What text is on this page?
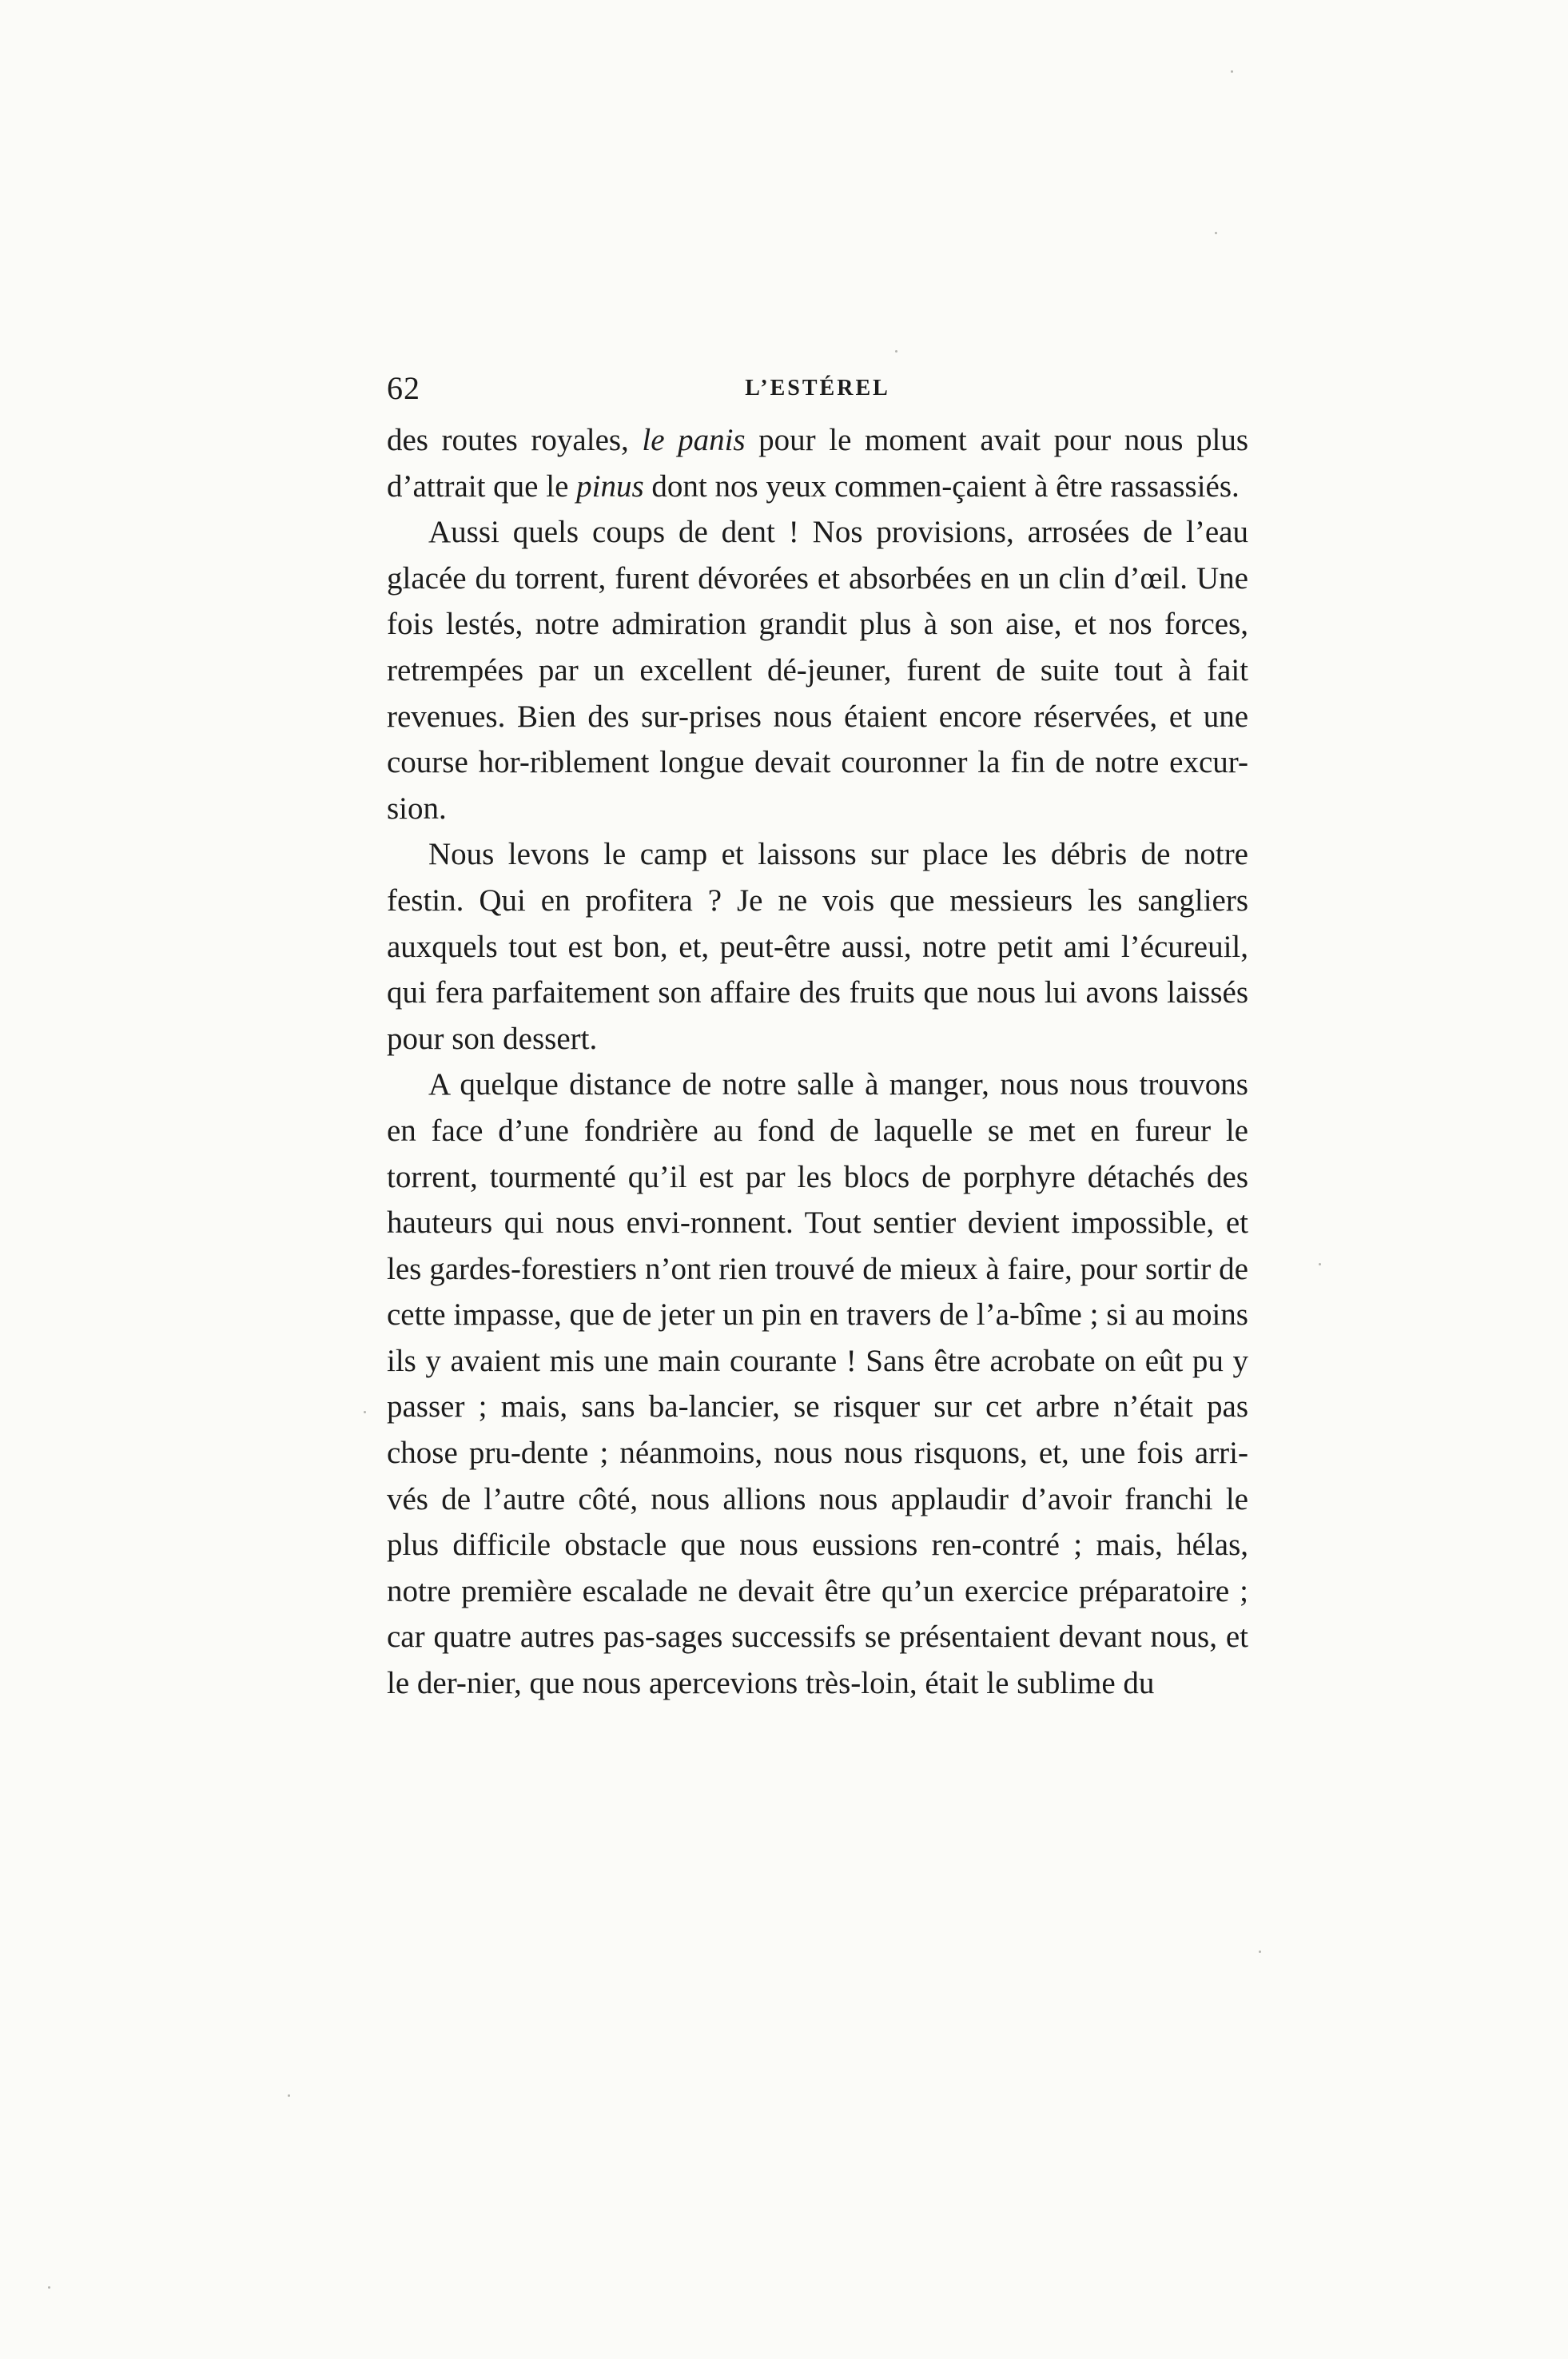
62	L’ESTÉREL

des routes royales, le panis pour le moment avait pour nous plus d’attrait que le pinus dont nos yeux commen-çaient à être rassassiés.

Aussi quels coups de dent ! Nos provisions, arrosées de l’eau glacée du torrent, furent dévorées et absorbées en un clin d’œil. Une fois lestés, notre admiration grandit plus à son aise, et nos forces, retrempées par un excellent dé-jeuner, furent de suite tout à fait revenues. Bien des sur-prises nous étaient encore réservées, et une course hor-riblement longue devait couronner la fin de notre excur-sion.

Nous levons le camp et laissons sur place les débris de notre festin. Qui en profitera ? Je ne vois que messieurs les sangliers auxquels tout est bon, et, peut-être aussi, notre petit ami l’écureuil, qui fera parfaitement son affaire des fruits que nous lui avons laissés pour son dessert.

A quelque distance de notre salle à manger, nous nous trouvons en face d’une fondrière au fond de laquelle se met en fureur le torrent, tourmenté qu’il est par les blocs de porphyre détachés des hauteurs qui nous envi-ronnent. Tout sentier devient impossible, et les gardes-forestiers n’ont rien trouvé de mieux à faire, pour sortir de cette impasse, que de jeter un pin en travers de l’a-bîme ; si au moins ils y avaient mis une main courante ! Sans être acrobate on eût pu y passer ; mais, sans ba-lancier, se risquer sur cet arbre n’était pas chose pru-dente ; néanmoins, nous nous risquons, et, une fois arri-vés de l’autre côté, nous allions nous applaudir d’avoir franchi le plus difficile obstacle que nous eussions ren-contré ; mais, hélas, notre première escalade ne devait être qu’un exercice préparatoire ; car quatre autres pas-sages successifs se présentaient devant nous, et le der-nier, que nous apercevions très-loin, était le sublime du
